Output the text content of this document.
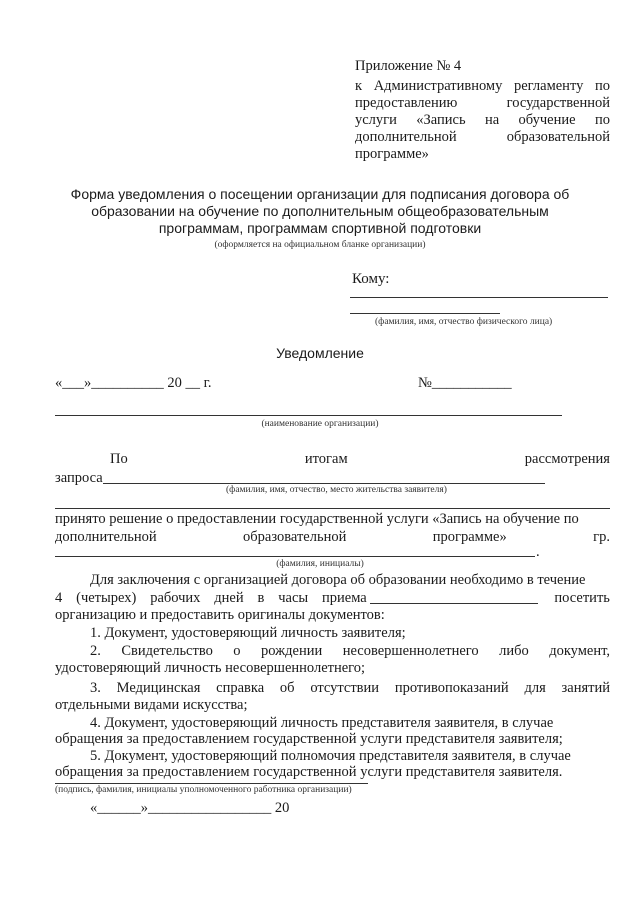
Приложение № 4
к Административному регламенту по
предоставлению	государственной
услуги «Запись на обучение по
дополнительной	образовательной
программе»
Форма уведомления о посещении организации для подписания договора об
образовании на обучение по дополнительным общеобразовательным
программам, программам спортивной подготовки
(оформляется на официальном бланке организации)
Кому:
(фамилия, имя, отчество физического лица)
Уведомление
«___»__________ 20 __ г.	№___________
(наименование организации)
По	итогам	рассмотрения
запроса
(фамилия, имя, отчество, место жительства заявителя)
принято решение о предоставлении государственной услуги «Запись на обучение по
дополнительной	образовательной	программе»	гр.
.
(фамилия, инициалы)
Для заключения с организацией договора об образовании необходимо в течение
4 (четырех) рабочих дней в часы приема	посетить
организацию и предоставить оригиналы документов:
1. Документ, удостоверяющий личность заявителя;
2. Свидетельство о рождении несовершеннолетнего либо документ,
удостоверяющий личность несовершеннолетнего;
3. Медицинская справка об отсутствии противопоказаний для занятий
отдельными видами искусства;
4. Документ, удостоверяющий личность представителя заявителя, в случае
обращения за предоставлением государственной услуги представителя заявителя;
5. Документ, удостоверяющий полномочия представителя заявителя, в случае
обращения за предоставлением государственной услуги представителя заявителя.
(подпись, фамилия, инициалы уполномоченного работника организации)
«______»_________________ 20
